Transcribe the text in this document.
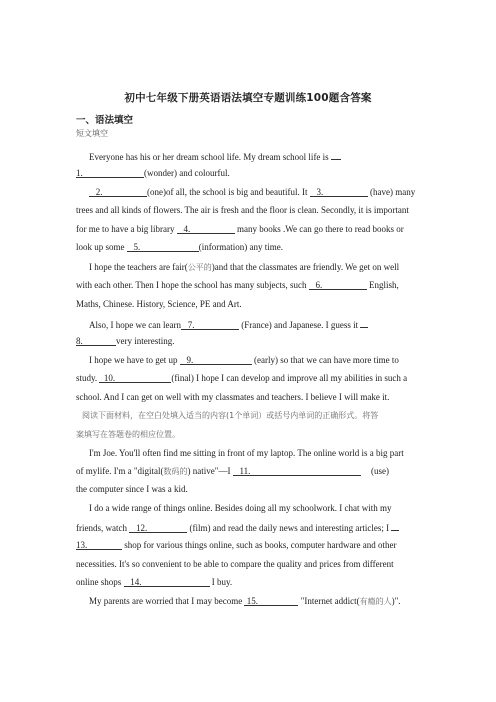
初中七年级下册英语语法填空专题训练100题含答案
一、语法填空
短文填空
Everyone has his or her dream school life. My dream school life is
1.	(wonder) and colourful.
2.	(one)of all, the school is big and beautiful. It 3.	(have) many
trees and all kinds of flowers. The air is fresh and the floor is clean. Secondly, it is important
for me to have a big library 4.	many books .We can go there to read books or
look up some 5.	(information) any time.
I hope the teachers are fair(公平的)and that the classmates are friendly. We get on well
with each other. Then I hope the school has many subjects, such 6.	English,
Maths, Chinese. History, Science, PE and Art.
Also, I hope we can learn 7.	(France) and Japanese. I guess it
8.	very interesting.
I hope we have to get up 9.	(early) so that we can have more time to
study. 10.	(final) I hope I can develop and improve all my abilities in such a
school. And I can get on well with my classmates and teachers. I believe I will make it.
阅读下面材料，在空白处填入适当的内容(1个单词）或括号内单词的正确形式。将答
案填写在答题卷的相应位置。
I'm Joe. You'll often find me sitting in front of my laptop. The online world is a big part
of mylife. I'm a "digital(数码的) native"—I 11.	(use)
the computer since I was a kid.
I do a wide range of things online. Besides doing all my schoolwork. I chat with my
friends, watch 12.	(film) and read the daily news and interesting articles; I
13.	shop for various things online, such as books, computer hardware and other
necessities. It's so convenient to be able to compare the quality and prices from different
online shops 14.	I buy.
My parents are worried that I may become 15.	"Internet addict(有瘾的人)".
